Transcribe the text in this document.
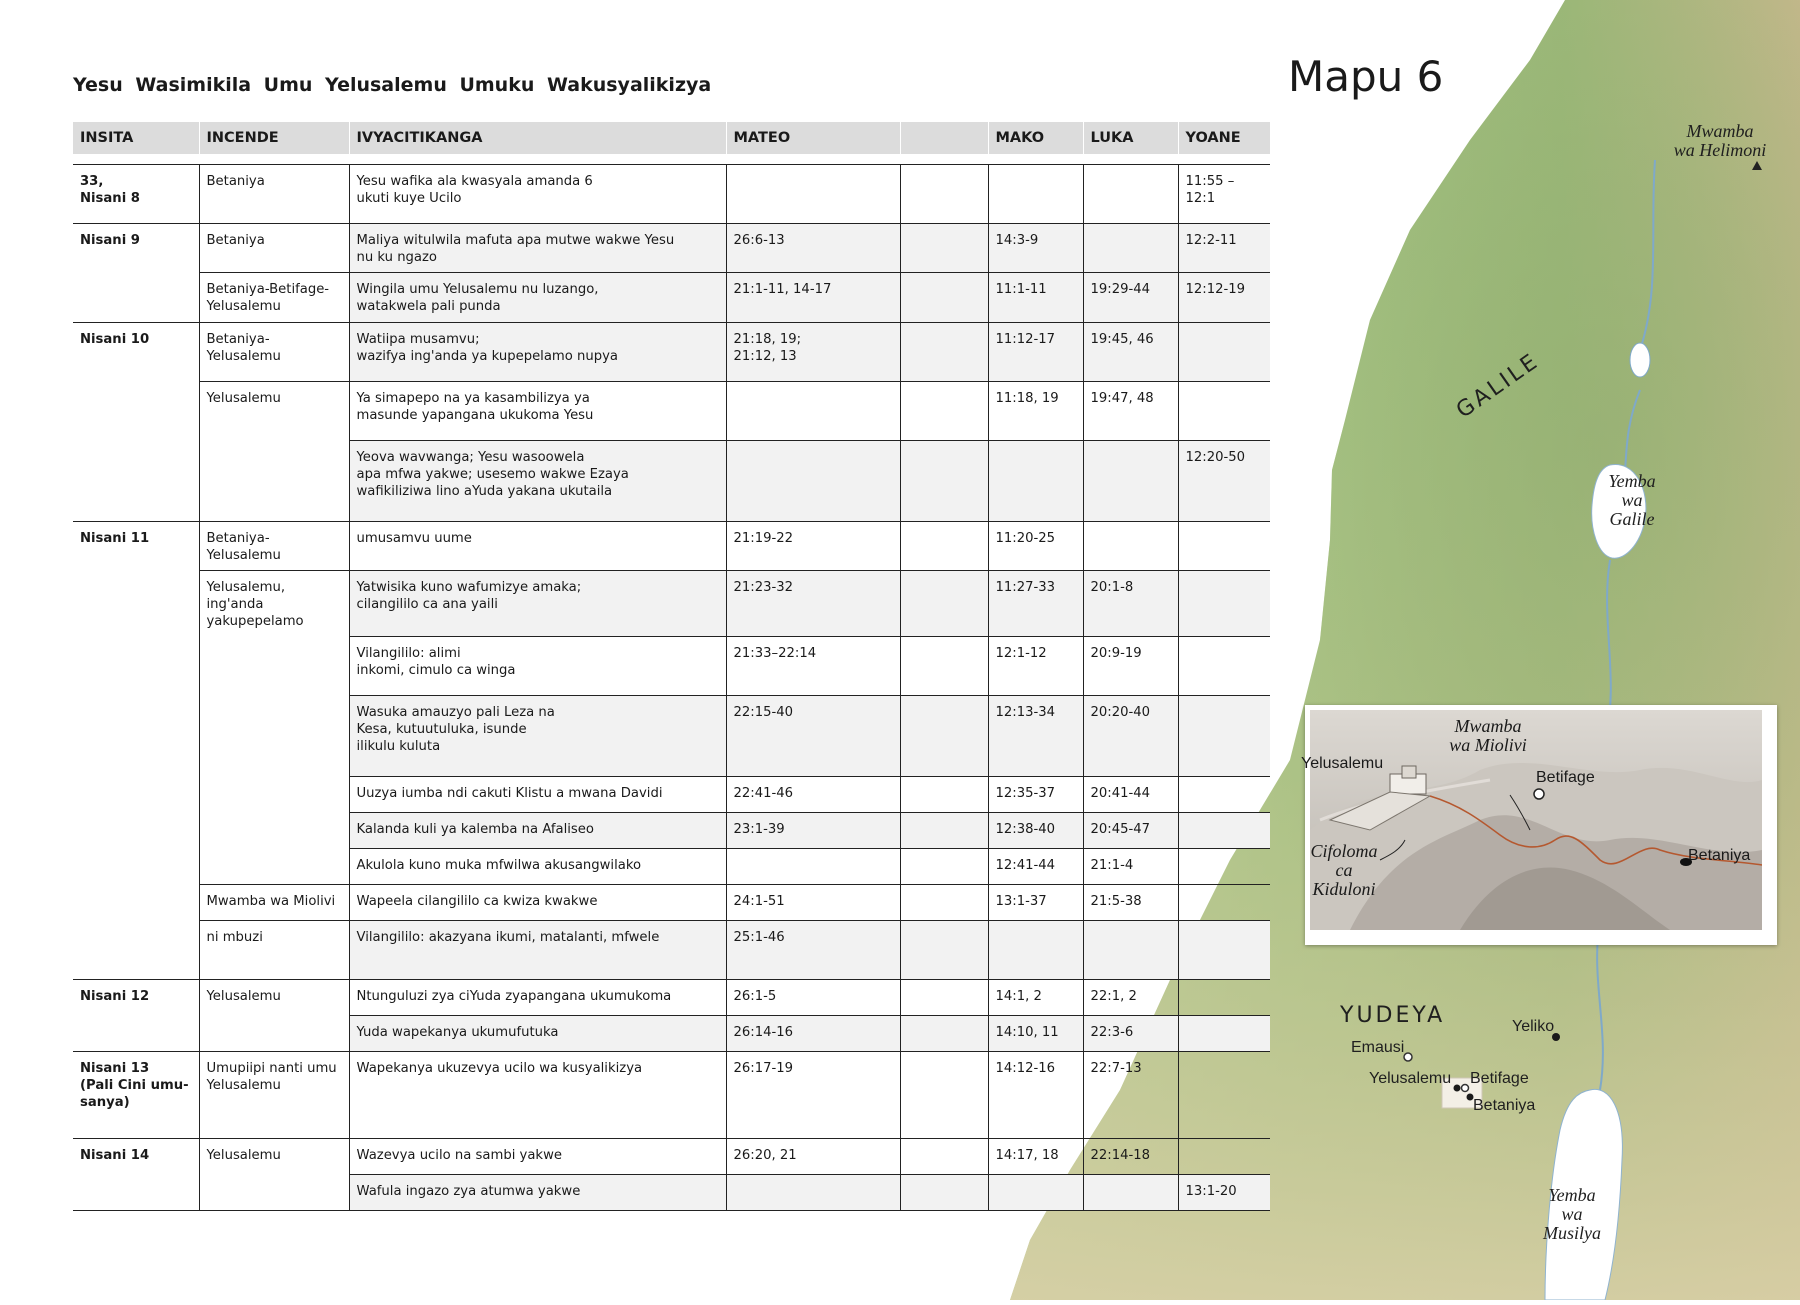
Mapu 6
Mwamba
wa Helimoni
GALILE
Yemba
wa
Galile
YUDEYA	Yeliko
Emausi
Yelusalemu Betifage
Betaniya
Yemba
wa
Musilya
Yelusalemu
Mwamba
wa Miolivi
Betifage
Cifoloma
ca
Kiduloni
Betaniya
Yesu Wasimikila Umu Yelusalemu Umuku Wakusyalikizya
INSITA	INCENDE	IVYACITIKANGA	MATEO		MAKO	LUKA	YOANE

33,
Nisani 8	Betaniya	Yesu wafika ala kwasyala amanda 6
ukuti kuye Ucilo					11:55 –
12:1
Nisani 9	Betaniya	Maliya witulwila mafuta apa mutwe wakwe Yesu
nu ku ngazo	26:6-13		14:3-9		12:2-11
	Betaniya-Betifage-
Yelusalemu	Wingila umu Yelusalemu nu luzango,
watakwela pali punda	21:1-11, 14-17		11:1-11	19:29-44	12:12-19
Nisani 10	Betaniya-Yelusalemu	Watiipa musamvu;
wazifya ing'anda ya kupepelamo nupya	21:18, 19;
21:12, 13		11:12-17	19:45, 46	
	Yelusalemu	Ya simapepo na ya kasambilizya ya
masunde yapangana ukukoma Yesu			11:18, 19	19:47, 48	
		Yeova wavwanga; Yesu wasoowela
apa mfwa yakwe; usesemo wakwe Ezaya
wafikiliziwa lino aYuda yakana ukutaila					12:20-50
Nisani 11	Betaniya-Yelusalemu	umusamvu uume	21:19-22		11:20-25		
	Yelusalemu, ing'anda
yakupepelamo	Yatwisika kuno wafumizye amaka;
cilangililo ca ana yaili	21:23-32		11:27-33	20:1-8	
		Vilangililo: alimi
inkomi, cimulo ca winga	21:33–22:14		12:1-12	20:9-19	
		Wasuka amauzyo pali Leza na
Kesa, kutuutuluka, isunde
ilikulu kuluta	22:15-40		12:13-34	20:20-40	
		Uuzya iumba ndi cakuti Klistu a mwana Davidi	22:41-46		12:35-37	20:41-44	
		Kalanda kuli ya kalemba na Afaliseo	23:1-39		12:38-40	20:45-47	
		Akulola kuno muka mfwilwa akusangwilako			12:41-44	21:1-4	
	Mwamba wa Miolivi	Wapeela cilangililo ca kwiza kwakwe	24:1-51		13:1-37	21:5-38	
	ni mbuzi	Vilangililo: akazyana ikumi, matalanti, mfwele	25:1-46				
Nisani 12	Yelusalemu	Ntunguluzi zya ciYuda zyapangana ukumukoma	26:1-5		14:1, 2	22:1, 2	
		Yuda wapekanya ukumufutuka	26:14-16		14:10, 11	22:3-6	
Nisani 13
(Pali Cini umu-
sanya)	Umupiipi nanti umu
Yelusalemu	Wapekanya ukuzevya ucilo wa kusyalikizya	26:17-19		14:12-16	22:7-13	
Nisani 14	Yelusalemu	Wazevya ucilo na sambi yakwe	26:20, 21		14:17, 18	22:14-18	
		Wafula ingazo zya atumwa yakwe					13:1-20
